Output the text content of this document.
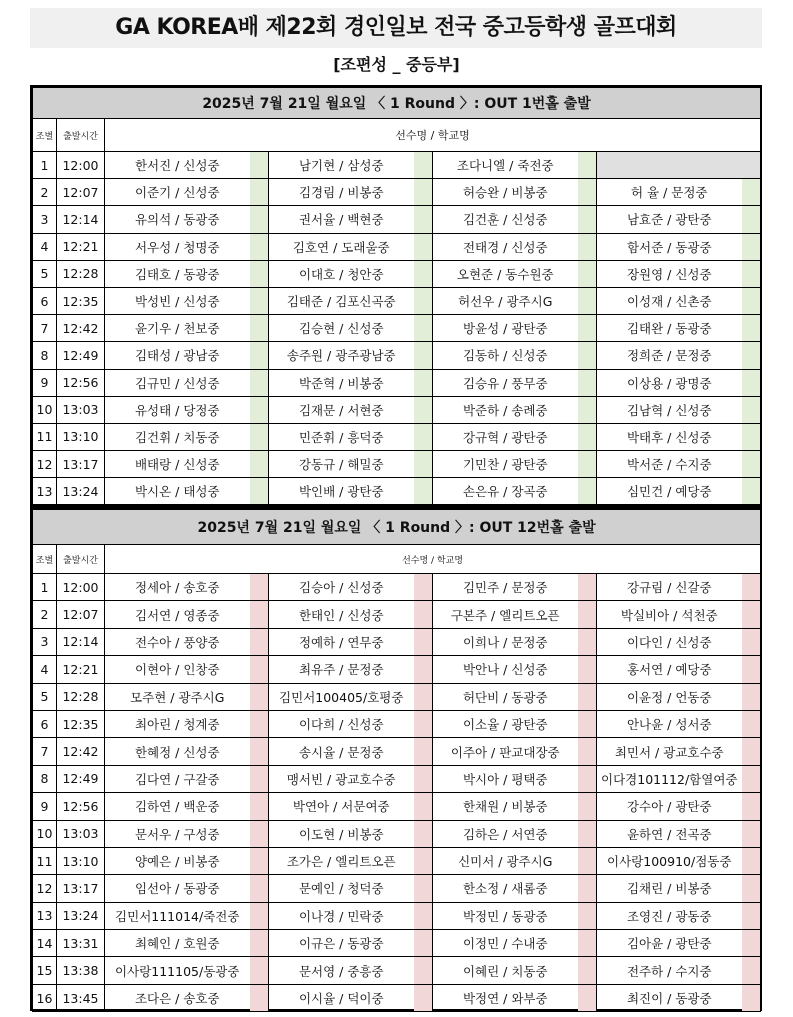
GA KOREA배 제22회 경인일보 전국 중고등학생 골프대회
[조편성 _ 중등부]
2025년 7월 21일 월요일 〈 1 Round 〉: OUT 1번홀 출발									
조별	출발시간	선수명 / 학교명							
1	12:00	한서진 / 신성중		남기현 / 삼성중		조다니엘 / 죽전중			
2	12:07	이준기 / 신성중		김경림 / 비봉중		허승완 / 비봉중		허 율 / 문정중	
3	12:14	유의석 / 동광중		권서율 / 백현중		김건훈 / 신성중		남효준 / 광탄중	
4	12:21	서우성 / 청명중		김호연 / 도래울중		전태경 / 신성중		함서준 / 동광중	
5	12:28	김태호 / 동광중		이대호 / 청안중		오현준 / 동수원중		장원영 / 신성중	
6	12:35	박성빈 / 신성중		김태준 / 김포신곡중		허선우 / 광주시G		이성재 / 신촌중	
7	12:42	윤기우 / 천보중		김승현 / 신성중		방윤성 / 광탄중		김태완 / 동광중	
8	12:49	김태성 / 광남중		송주원 / 광주광남중		김동하 / 신성중		정희준 / 문정중	
9	12:56	김규민 / 신성중		박준혁 / 비봉중		김승유 / 풍무중		이상용 / 광명중	
10	13:03	유성태 / 당정중		김재문 / 서현중		박준하 / 송례중		김남혁 / 신성중	
11	13:10	김건휘 / 치동중		민준휘 / 흥덕중		강규혁 / 광탄중		박태후 / 신성중	
12	13:17	배태랑 / 신성중		강동규 / 해밀중		기민찬 / 광탄중		박서준 / 수지중	
13	13:24	박시온 / 태성중		박인배 / 광탄중		손은유 / 장곡중		심민건 / 예당중	
2025년 7월 21일 월요일 〈 1 Round 〉: OUT 12번홀 출발									
조별	출발시간	선수명 / 학교명							
1	12:00	정세아 / 송호중		김승아 / 신성중		김민주 / 문정중		강규림 / 신갈중	
2	12:07	김서연 / 영종중		한태인 / 신성중		구본주 / 엘리트오픈		박실비아 / 석천중	
3	12:14	전수아 / 풍양중		정예하 / 연무중		이희나 / 문정중		이다인 / 신성중	
4	12:21	이현아 / 인창중		최유주 / 문정중		박안나 / 신성중		홍서연 / 예당중	
5	12:28	모주현 / 광주시G		김민서100405/호평중		허단비 / 동광중		이윤정 / 언동중	
6	12:35	최아린 / 청계중		이다희 / 신성중		이소율 / 광탄중		안나윤 / 성서중	
7	12:42	한혜정 / 신성중		송시율 / 문정중		이주아 / 판교대장중		최민서 / 광교호수중	
8	12:49	김다연 / 구갈중		맹서빈 / 광교호수중		박시아 / 평택중		이다경101112/함열여중	
9	12:56	김하연 / 백운중		박연아 / 서문여중		한채원 / 비봉중		강수아 / 광탄중	
10	13:03	문서우 / 구성중		이도현 / 비봉중		김하은 / 서연중		윤하연 / 전곡중	
11	13:10	양예은 / 비봉중		조가은 / 엘리트오픈		신미서 / 광주시G		이사랑100910/점동중	
12	13:17	임선아 / 동광중		문예인 / 청덕중		한소정 / 새롬중		김채린 / 비봉중	
13	13:24	김민서111014/죽전중		이나경 / 민락중		박정민 / 동광중		조영진 / 광동중	
14	13:31	최혜인 / 호원중		이규은 / 동광중		이정민 / 수내중		김아윤 / 광탄중	
15	13:38	이사랑111105/동광중		문서영 / 중흥중		이혜린 / 치동중		전주하 / 수지중	
16	13:45	조다은 / 송호중		이시율 / 덕이중		박정연 / 와부중		최진이 / 동광중	
